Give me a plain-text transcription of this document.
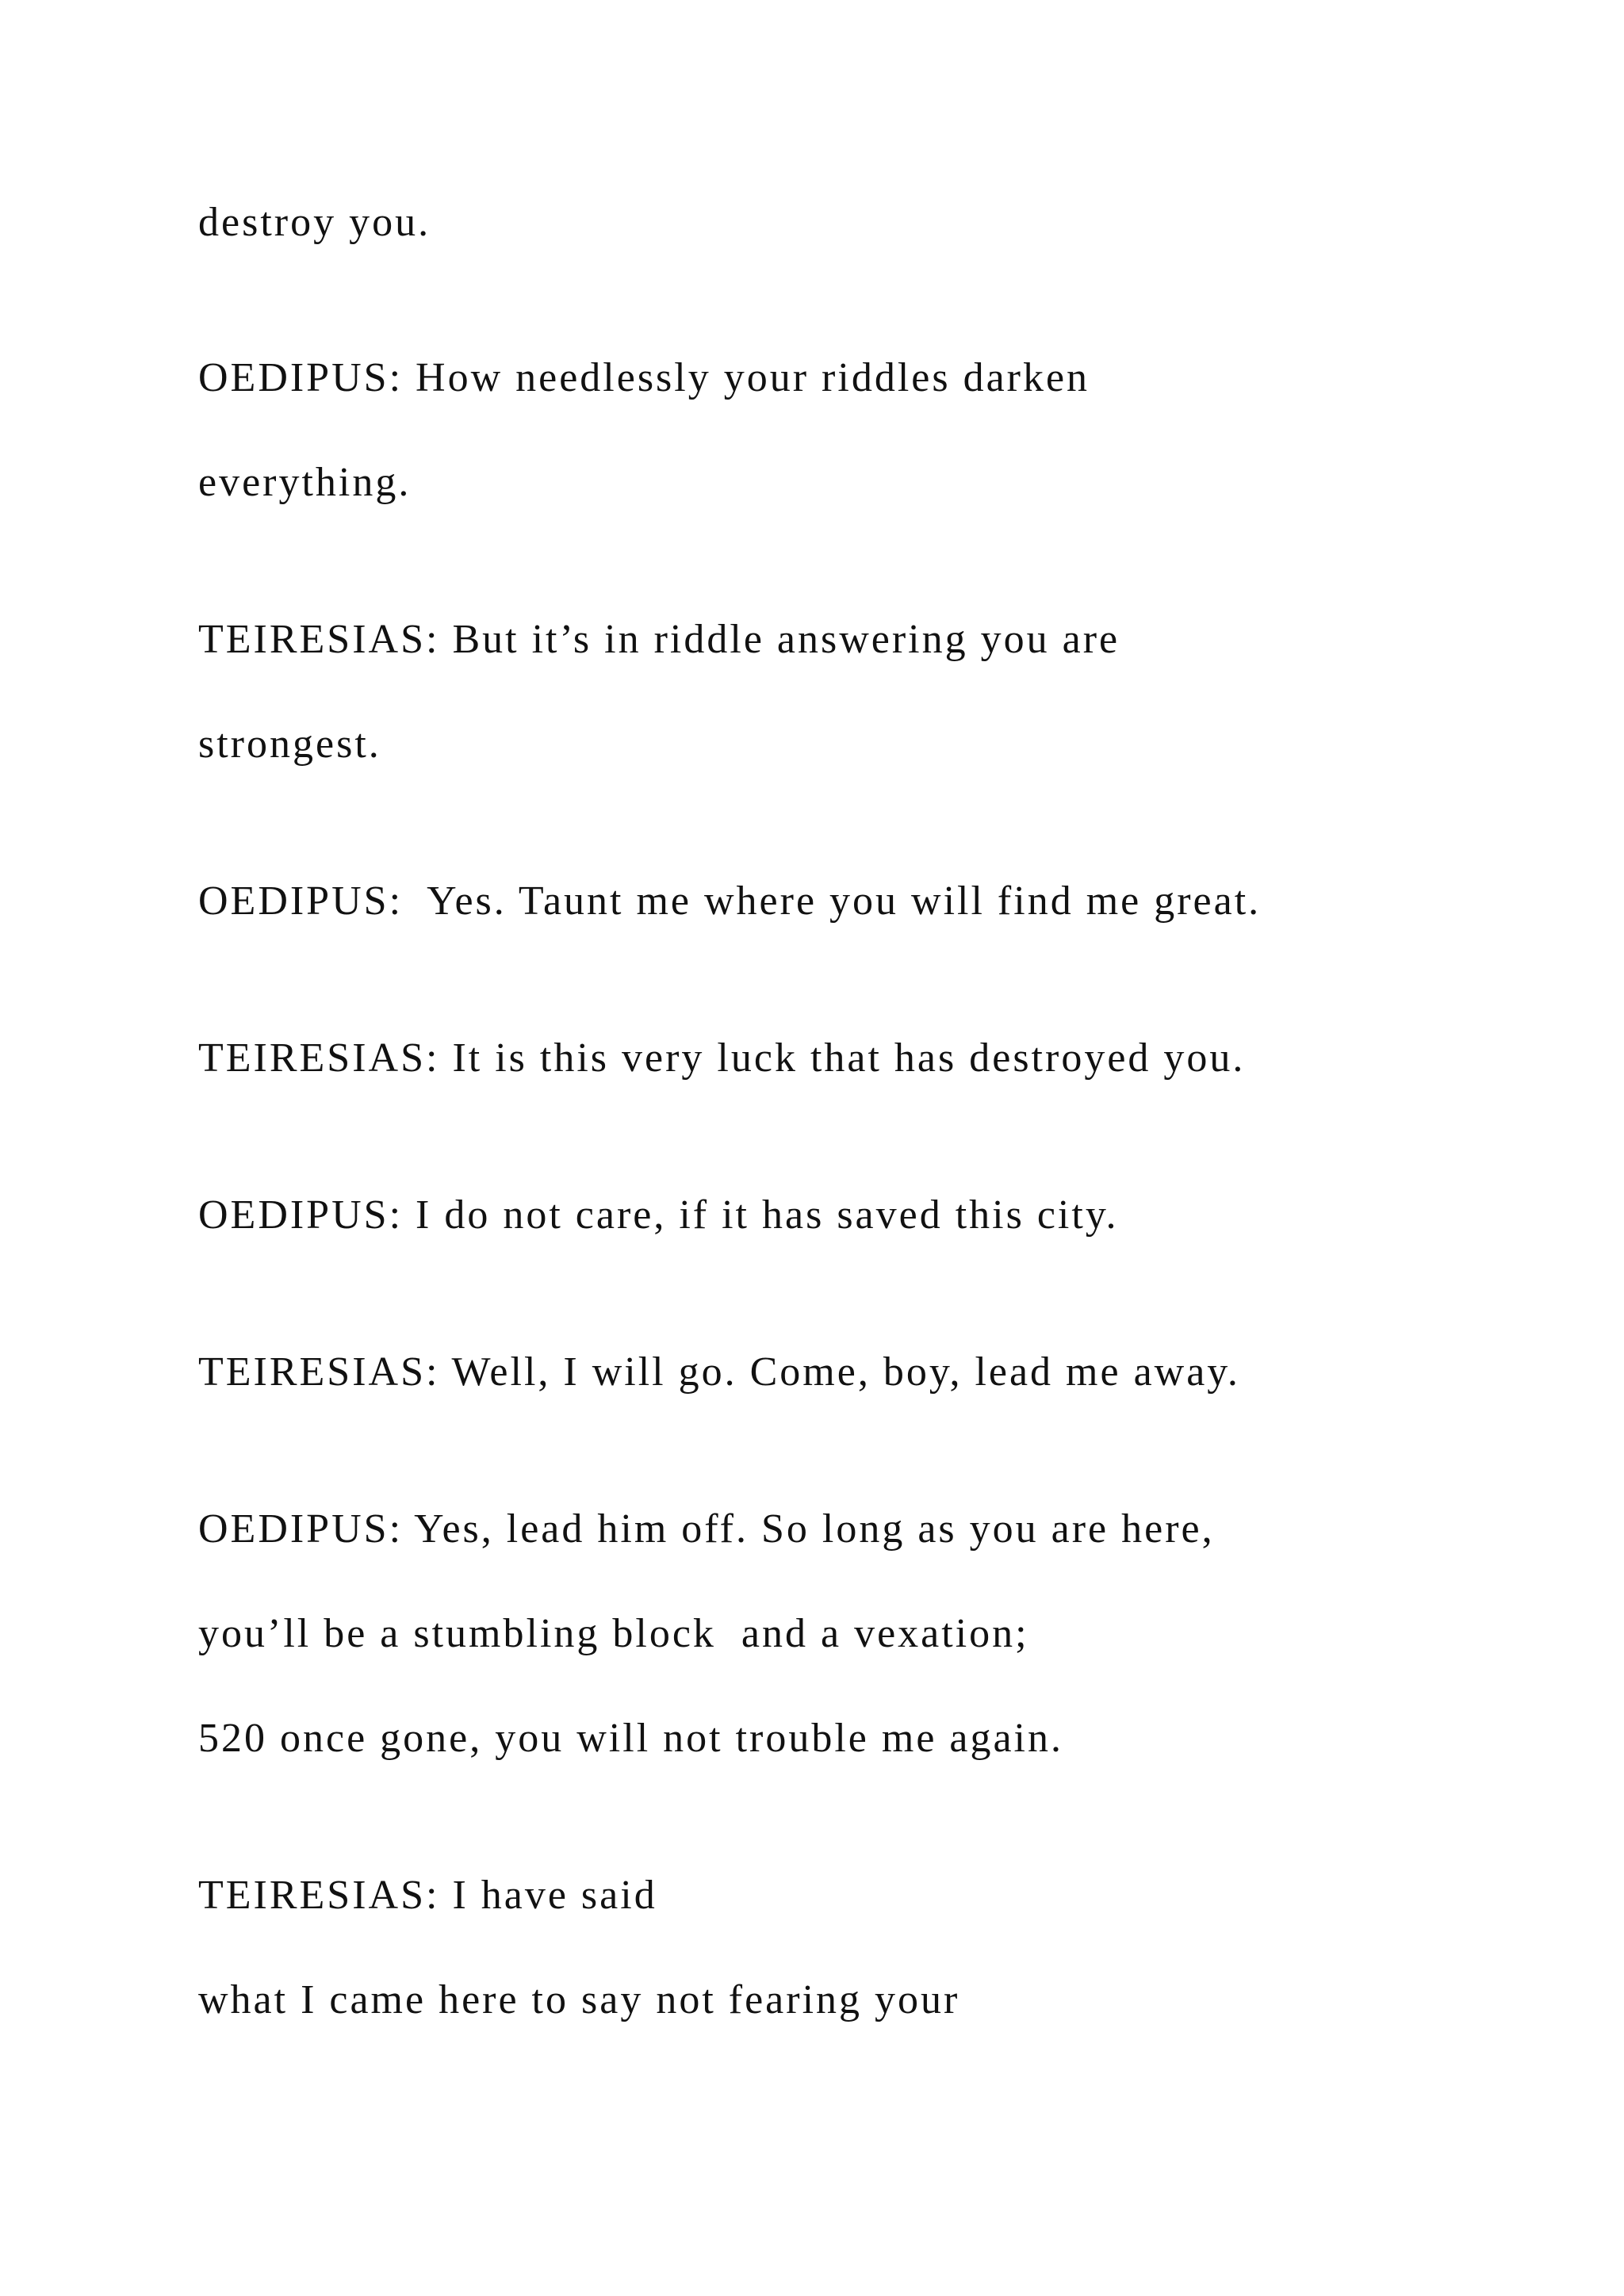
destroy you.
OEDIPUS: How needlessly your riddles darken
everything.
TEIRESIAS: But it’s in riddle answering you are
strongest.
OEDIPUS:  Yes. Taunt me where you will find me great.
TEIRESIAS: It is this very luck that has destroyed you.
OEDIPUS: I do not care, if it has saved this city.
TEIRESIAS: Well, I will go. Come, boy, lead me away.
OEDIPUS: Yes, lead him off. So long as you are here,
you’ll be a stumbling block  and a vexation;
520 once gone, you will not trouble me again.
TEIRESIAS: I have said
what I came here to say not fearing your
